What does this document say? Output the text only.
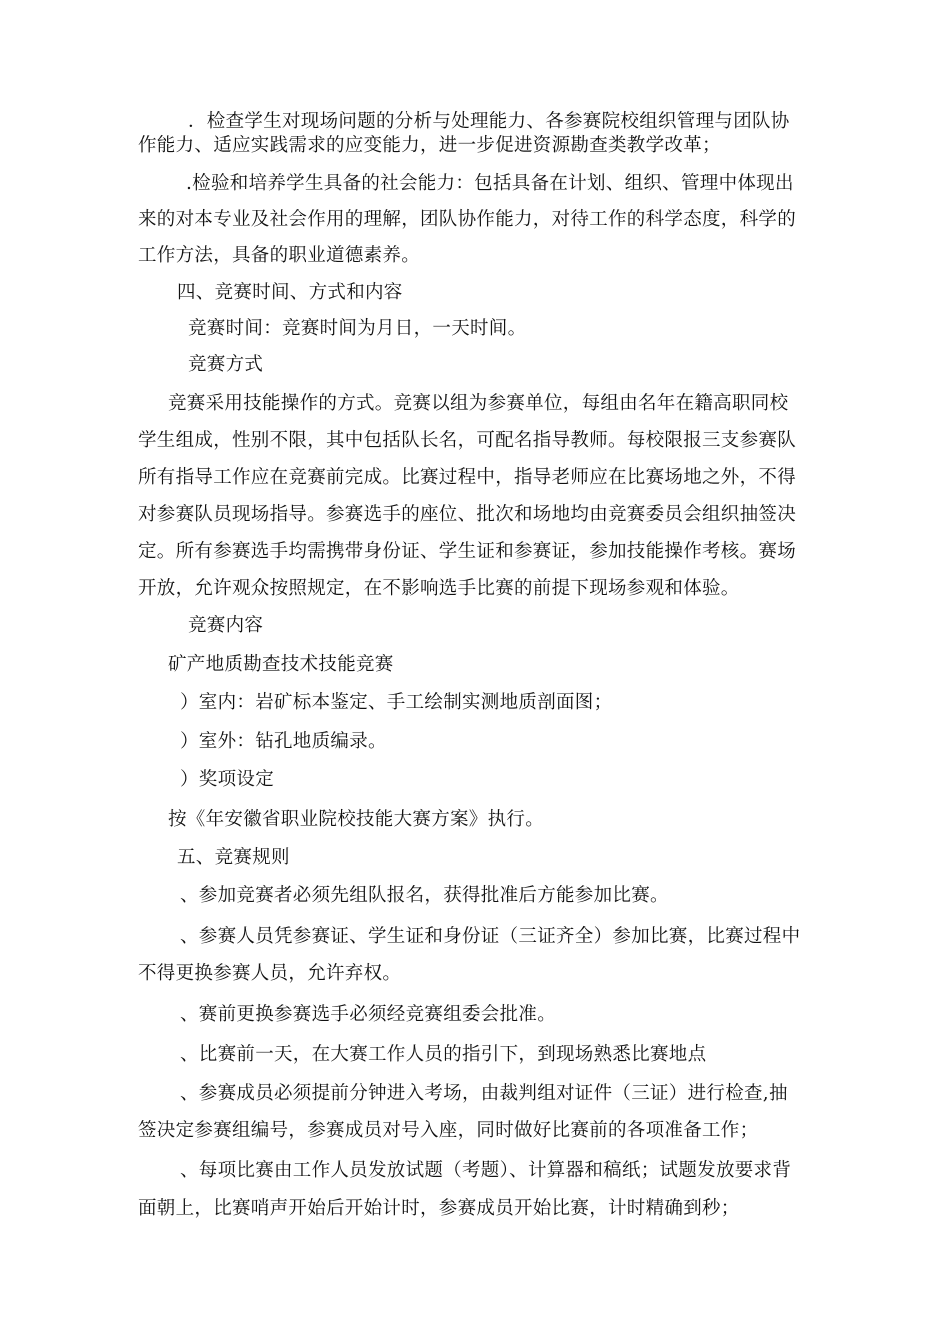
．检查学生对现场问题的分析与处理能力、各参赛院校组织管理与团队协
作能力、适应实践需求的应变能力，进一步促进资源勘查类教学改革；
.检验和培养学生具备的社会能力：包括具备在计划、组织、管理中体现出
来的对本专业及社会作用的理解，团队协作能力，对待工作的科学态度，科学的
工作方法，具备的职业道德素养。
四、竞赛时间、方式和内容
竞赛时间：竞赛时间为月日，一天时间。
竞赛方式
竞赛采用技能操作的方式。竞赛以组为参赛单位，每组由名年在籍高职同校
学生组成，性别不限，其中包括队长名，可配名指导教师。每校限报三支参赛队
所有指导工作应在竞赛前完成。比赛过程中，指导老师应在比赛场地之外，不得
对参赛队员现场指导。参赛选手的座位、批次和场地均由竞赛委员会组织抽签决
定。所有参赛选手均需携带身份证、学生证和参赛证，参加技能操作考核。赛场
开放，允许观众按照规定，在不影响选手比赛的前提下现场参观和体验。
竞赛内容
矿产地质勘查技术技能竞赛
）室内：岩矿标本鉴定、手工绘制实测地质剖面图；
）室外：钻孔地质编录。
）奖项设定
按《年安徽省职业院校技能大赛方案》执行。
五、竞赛规则
、参加竞赛者必须先组队报名，获得批准后方能参加比赛。
、参赛人员凭参赛证、学生证和身份证（三证齐全）参加比赛，比赛过程中
不得更换参赛人员，允许弃权。
、赛前更换参赛选手必须经竞赛组委会批准。
、比赛前一天，在大赛工作人员的指引下，到现场熟悉比赛地点
、参赛成员必须提前分钟进入考场，由裁判组对证件（三证）进行检查,抽
签决定参赛组编号，参赛成员对号入座，同时做好比赛前的各项准备工作；
、每项比赛由工作人员发放试题（考题）、计算器和稿纸；试题发放要求背
面朝上，比赛哨声开始后开始计时，参赛成员开始比赛，计时精确到秒；
